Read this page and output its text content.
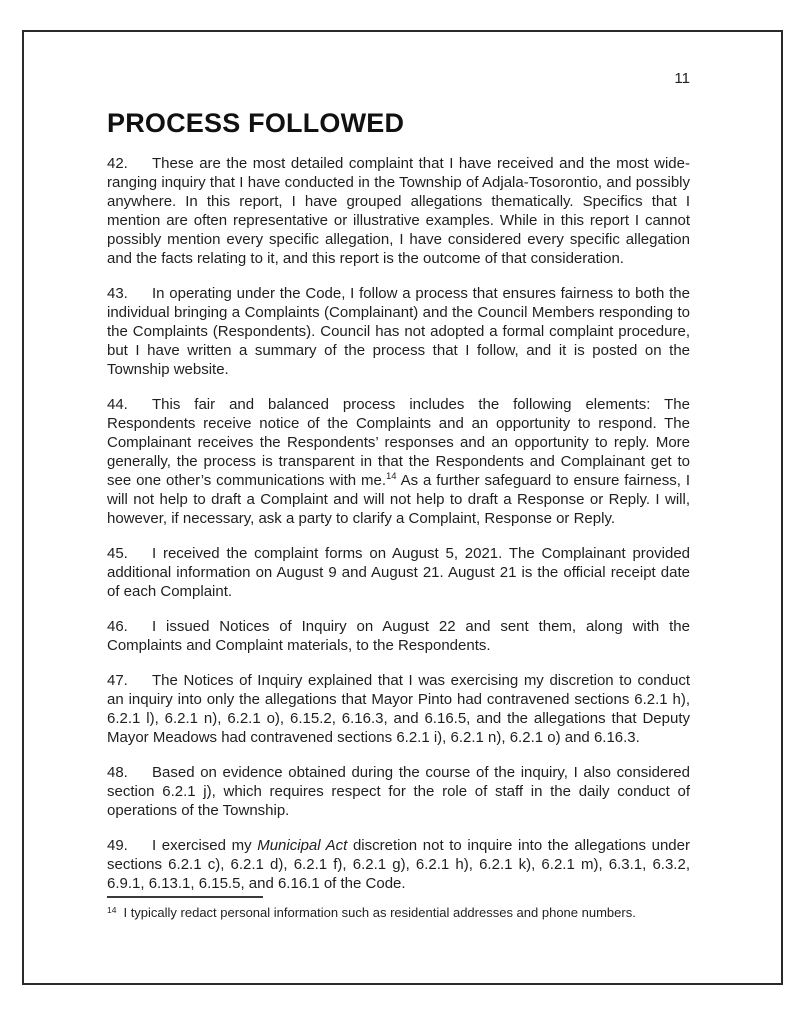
11
PROCESS FOLLOWED
42. These are the most detailed complaint that I have received and the most wide-ranging inquiry that I have conducted in the Township of Adjala-Tosorontio, and possibly anywhere. In this report, I have grouped allegations thematically. Specifics that I mention are often representative or illustrative examples. While in this report I cannot possibly mention every specific allegation, I have considered every specific allegation and the facts relating to it, and this report is the outcome of that consideration.
43. In operating under the Code, I follow a process that ensures fairness to both the individual bringing a Complaints (Complainant) and the Council Members responding to the Complaints (Respondents). Council has not adopted a formal complaint procedure, but I have written a summary of the process that I follow, and it is posted on the Township website.
44. This fair and balanced process includes the following elements: The Respondents receive notice of the Complaints and an opportunity to respond. The Complainant receives the Respondents’ responses and an opportunity to reply. More generally, the process is transparent in that the Respondents and Complainant get to see one other’s communications with me.$^{14}$ As a further safeguard to ensure fairness, I will not help to draft a Complaint and will not help to draft a Response or Reply. I will, however, if necessary, ask a party to clarify a Complaint, Response or Reply.
45. I received the complaint forms on August 5, 2021. The Complainant provided additional information on August 9 and August 21. August 21 is the official receipt date of each Complaint.
46. I issued Notices of Inquiry on August 22 and sent them, along with the Complaints and Complaint materials, to the Respondents.
47. The Notices of Inquiry explained that I was exercising my discretion to conduct an inquiry into only the allegations that Mayor Pinto had contravened sections 6.2.1 h), 6.2.1 l), 6.2.1 n), 6.2.1 o), 6.15.2, 6.16.3, and 6.16.5, and the allegations that Deputy Mayor Meadows had contravened sections 6.2.1 i), 6.2.1 n), 6.2.1 o) and 6.16.3.
48. Based on evidence obtained during the course of the inquiry, I also considered section 6.2.1 j), which requires respect for the role of staff in the daily conduct of operations of the Township.
49. I exercised my Municipal Act discretion not to inquire into the allegations under sections 6.2.1 c), 6.2.1 d), 6.2.1 f), 6.2.1 g), 6.2.1 h), 6.2.1 k), 6.2.1 m), 6.3.1, 6.3.2, 6.9.1, 6.13.1, 6.15.5, and 6.16.1 of the Code.
$^{14}$ I typically redact personal information such as residential addresses and phone numbers.
